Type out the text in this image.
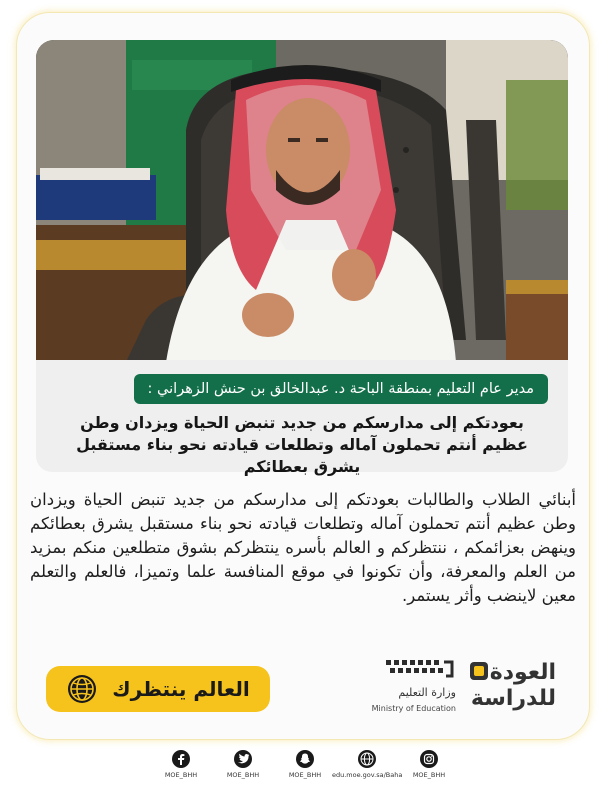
مدير عام التعليم بمنطقة الباحة د. عبدالخالق بن حنش الزهراني :
بعودتكم إلى مدارسكم من جديد تنبض الحياة ويزدان وطن عظيم أنتم تحملون آماله وتطلعات قيادته نحو بناء مستقبل يشرق بعطائكم
أبنائي الطلاب والطالبات بعودتكم إلى مدارسكم من جديد تنبض الحياة ويزدان وطن عظيم أنتم تحملون آماله وتطلعات قيادته نحو بناء مستقبل يشرق بعطائكم وينهض بعزائمكم ، ننتظركم و العالم بأسره ينتظركم بشوق متطلعين منكم بمزيد من العلم والمعرفة، وأن تكونوا في موقع المنافسة علما وتميزا، فالعلم والتعلم معين لاينضب وأثر يستمر.
العالم ينتظرك	وزارة التعليم
Ministry of Education
العودة
للدراسة
MOE_BHH	MOE_BHH	MOE_BHH	edu.moe.gov.sa/Baha	MOE_BHH
